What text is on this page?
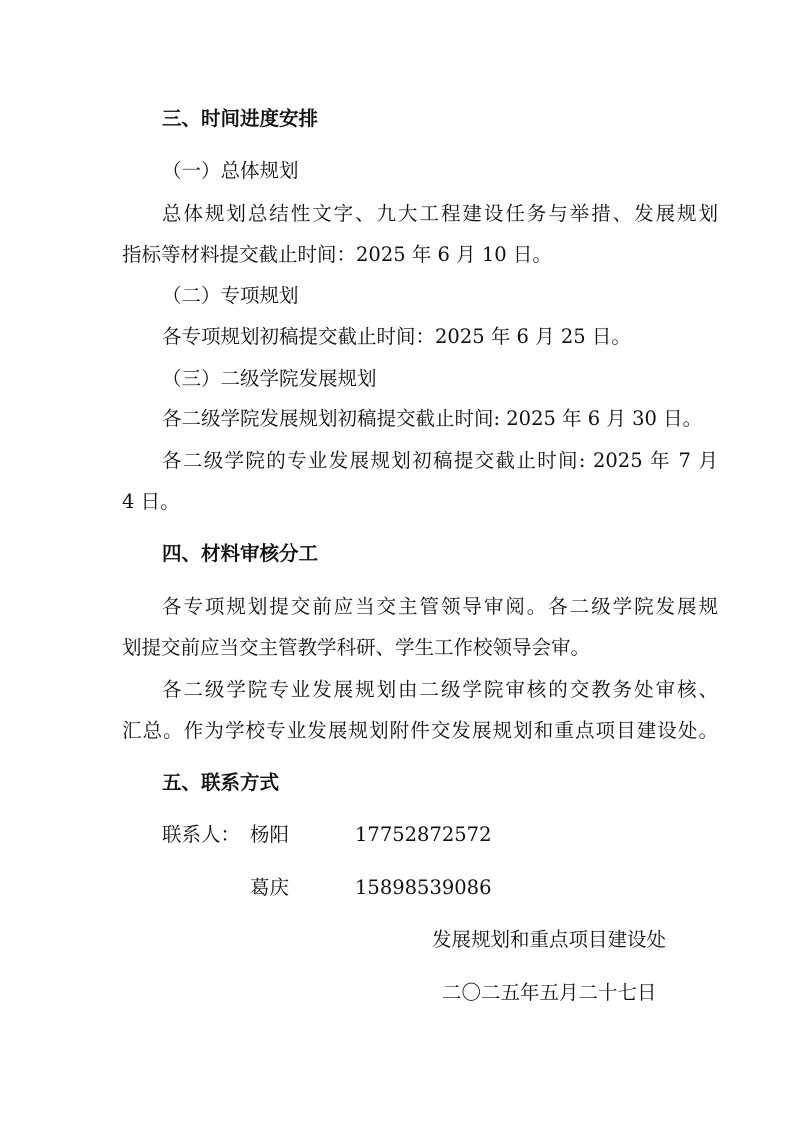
三、时间进度安排
（一）总体规划
总体规划总结性文字、九大工程建设任务与举措、发展规划
指标等材料提交截止时间：2025 年 6 月 10 日。
（二）专项规划
各专项规划初稿提交截止时间：2025 年 6 月 25 日。
（三）二级学院发展规划
各二级学院发展规划初稿提交截止时间: 2025 年 6 月 30 日。
各二级学院的专业发展规划初稿提交截止时间: 2025 年 7 月
4 日。
四、材料审核分工
各专项规划提交前应当交主管领导审阅。各二级学院发展规
划提交前应当交主管教学科研、学生工作校领导会审。
各二级学院专业发展规划由二级学院审核的交教务处审核、
汇总。作为学校专业发展规划附件交发展规划和重点项目建设处。
五、联系方式
联系人： 杨阳	17752872572
葛庆	15898539086
发展规划和重点项目建设处
二〇二五年五月二十七日
